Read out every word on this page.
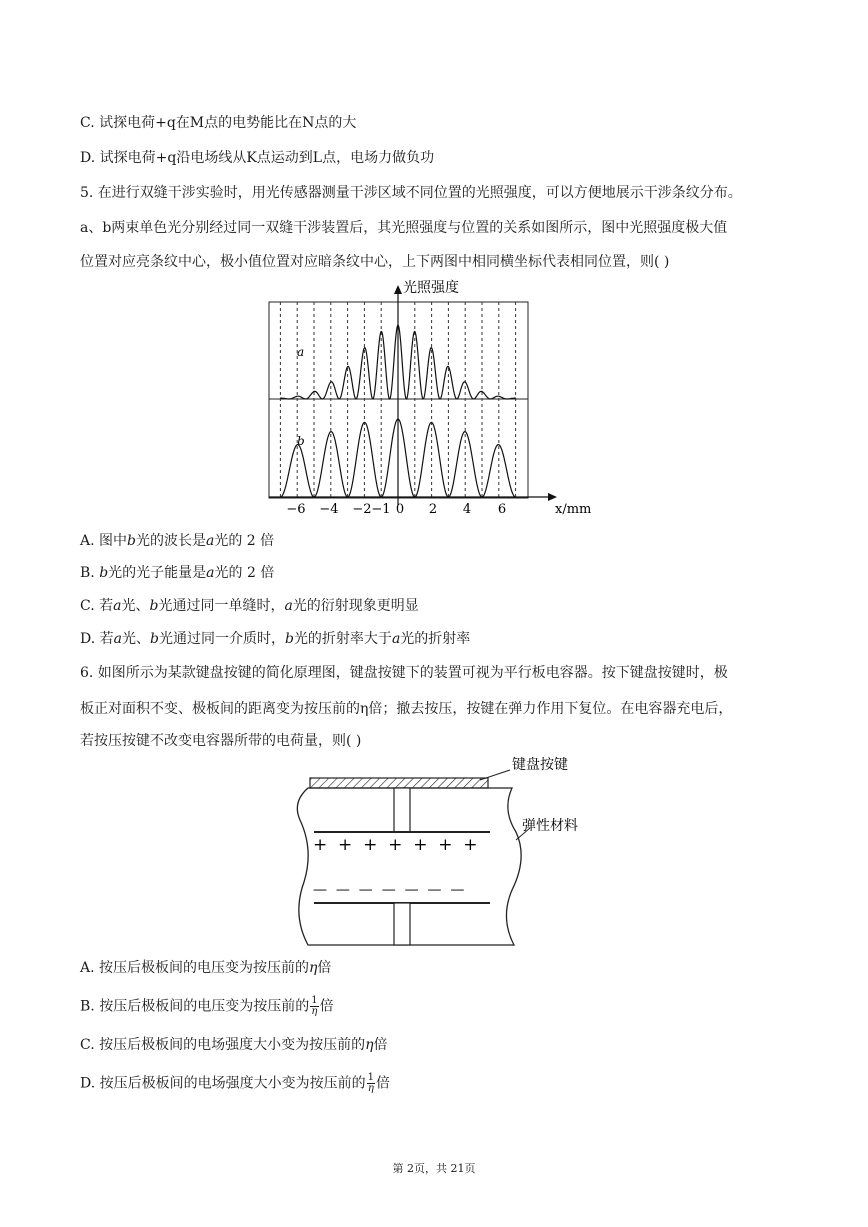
C. 试探电荷+q在M点的电势能比在N点的大
D. 试探电荷+q沿电场线从K点运动到L点，电场力做负功
5. 在进行双缝干涉实验时，用光传感器测量干涉区域不同位置的光照强度，可以方便地展示干涉条纹分布。
a、b两束单色光分别经过同一双缝干涉装置后，其光照强度与位置的关系如图所示，图中光照强度极大值
位置对应亮条纹中心，极小值位置对应暗条纹中心，上下两图中相同横坐标代表相同位置，则( )
光照强度
a
b
−6 −4 −2 −1 0 2 4 6	x/mm
A. 图中b光的波长是a光的 2 倍
B. b光的光子能量是a光的 2 倍
C. 若a光、b光通过同一单缝时，a光的衍射现象更明显
D. 若a光、b光通过同一介质时，b光的折射率大于a光的折射率
6. 如图所示为某款键盘按键的简化原理图，键盘按键下的装置可视为平行板电容器。按下键盘按键时，极
板正对面积不变、极板间的距离变为按压前的η倍；撤去按压，按键在弹力作用下复位。在电容器充电后，
若按压按键不改变电容器所带的电荷量，则( )
+  +  +  +  +  +  +
—  —  —  —  —  —  —
键盘按键
弹性材料
A. 按压后极板间的电压变为按压前的η倍
B. 按压后极板间的电压变为按压前的 $\frac{1}{\eta}$ 倍
C. 按压后极板间的电场强度大小变为按压前的η倍
D. 按压后极板间的电场强度大小变为按压前的 $\frac{1}{\eta}$ 倍
第 2页，共 21页
